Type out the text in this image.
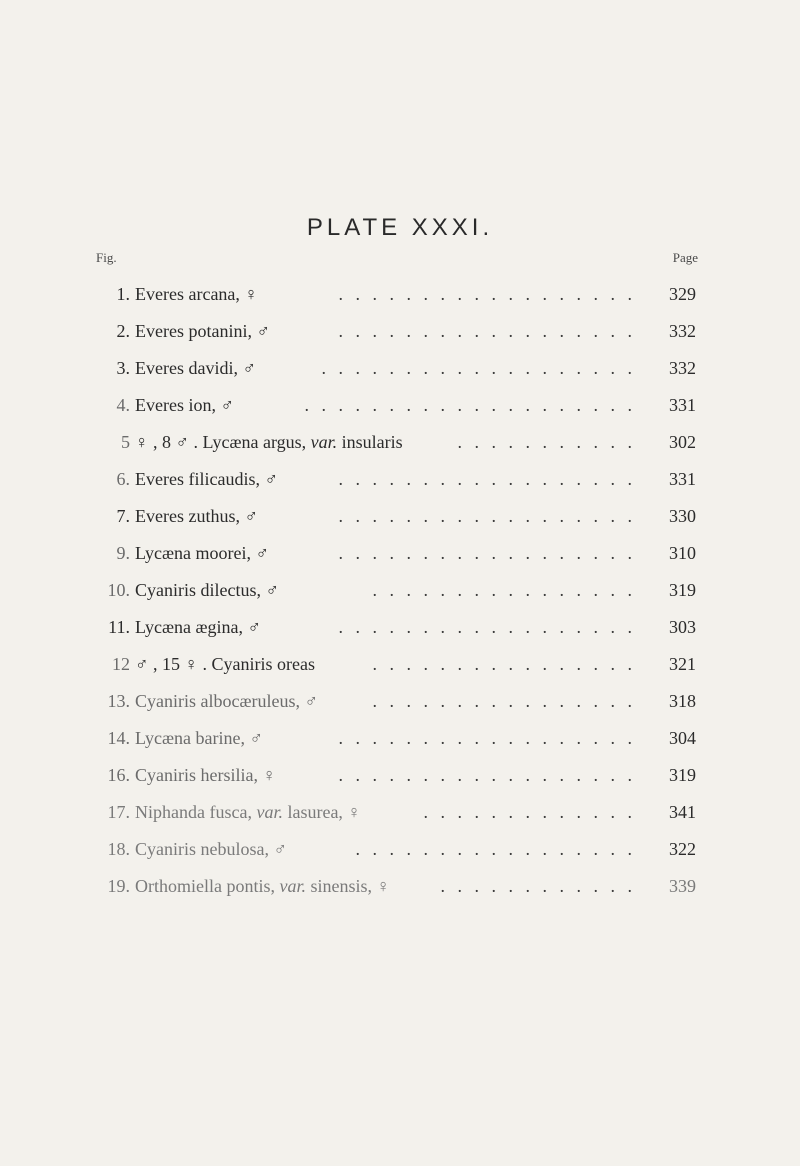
PLATE XXXI.
Fig.	Page
1. Everes arcana, ♀	. . . . . . . . . . . . . . . . . . 329
2. Everes potanini, ♂	. . . . . . . . . . . . . . . . . . 332
3. Everes davidi, ♂	. . . . . . . . . . . . . . . . . . . 332
4. Everes ion, ♂	. . . . . . . . . . . . . . . . . . . . 331
5 ♀ , 8 ♂ . Lycæna argus, var. insularis	. . . . . . . . . . . 302
6. Everes filicaudis, ♂	. . . . . . . . . . . . . . . . . . 331
7. Everes zuthus, ♂	. . . . . . . . . . . . . . . . . . 330
9. Lycæna moorei, ♂	. . . . . . . . . . . . . . . . . . 310
10. Cyaniris dilectus, ♂	. . . . . . . . . . . . . . . . 319
11. Lycæna ægina, ♂	. . . . . . . . . . . . . . . . . . 303
12 ♂ , 15 ♀ . Cyaniris oreas	. . . . . . . . . . . . . . . . 321
13. Cyaniris albocæruleus, ♂	. . . . . . . . . . . . . . . . 318
14. Lycæna barine, ♂	. . . . . . . . . . . . . . . . . . 304
16. Cyaniris hersilia, ♀	. . . . . . . . . . . . . . . . . . 319
17. Niphanda fusca, var. lasurea, ♀	. . . . . . . . . . . . . 341
18. Cyaniris nebulosa, ♂	. . . . . . . . . . . . . . . . . 322
19. Orthomiella pontis, var. sinensis, ♀	. . . . . . . . . . . . 339
